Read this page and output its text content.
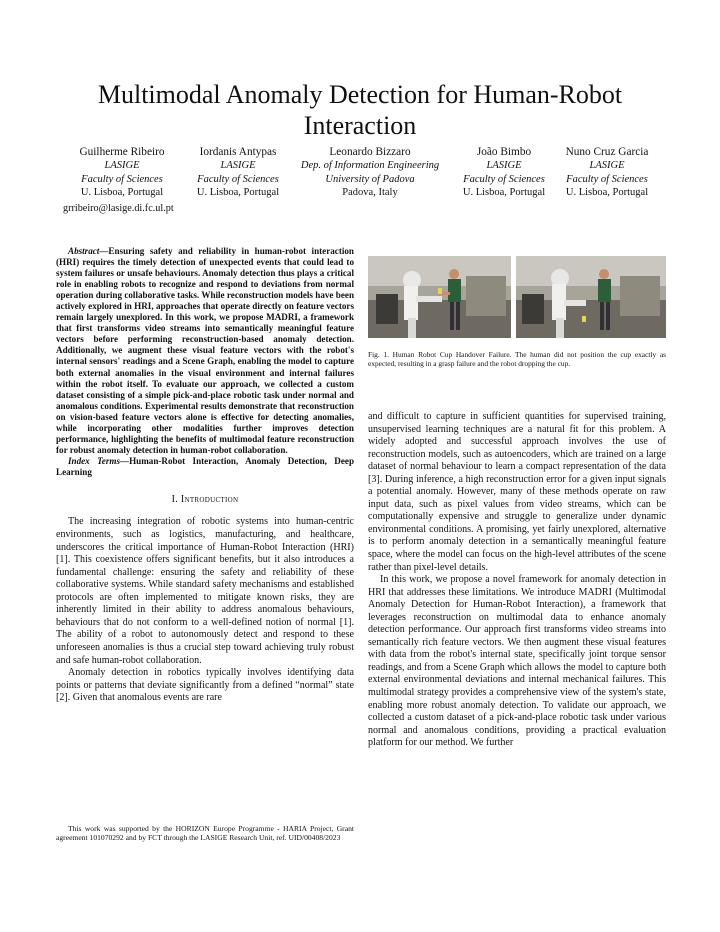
Multimodal Anomaly Detection for Human-Robot Interaction
Guilherme Ribeiro
LASIGE
Faculty of Sciences
U. Lisboa, Portugal
Iordanis Antypas
LASIGE
Faculty of Sciences
U. Lisboa, Portugal
Leonardo Bizzaro
Dep. of Information Engineering
University of Padova
Padova, Italy
João Bimbo
LASIGE
Faculty of Sciences
U. Lisboa, Portugal
Nuno Cruz Garcia
LASIGE
Faculty of Sciences
U. Lisboa, Portugal
grribeiro@lasige.di.fc.ul.pt

Abstract—Ensuring safety and reliability in human-robot interaction (HRI) requires the timely detection of unexpected events that could lead to system failures or unsafe behaviours. Anomaly detection thus plays a critical role in enabling robots to recognize and respond to deviations from normal operation during collaborative tasks. While reconstruction models have been actively explored in HRI, approaches that operate directly on feature vectors remain largely unexplored. In this work, we propose MADRI, a framework that first transforms video streams into semantically meaningful feature vectors before performing reconstruction-based anomaly detection. Additionally, we augment these visual feature vectors with the robot's internal sensors' readings and a Scene Graph, enabling the model to capture both external anomalies in the visual environment and internal failures within the robot itself. To evaluate our approach, we collected a custom dataset consisting of a simple pick-and-place robotic task under normal and anomalous conditions. Experimental results demonstrate that reconstruction on vision-based feature vectors alone is effective for detecting anomalies, while incorporating other modalities further improves detection performance, highlighting the benefits of multimodal feature reconstruction for robust anomaly detection in human-robot collaboration.

Index Terms—Human-Robot Interaction, Anomaly Detection, Deep Learning

I. Introduction

The increasing integration of robotic systems into human-centric environments, such as logistics, manufacturing, and healthcare, underscores the critical importance of Human-Robot Interaction (HRI) [1]. This coexistence offers significant benefits, but it also introduces a fundamental challenge: ensuring the safety and reliability of these collaborative systems. While standard safety mechanisms and established protocols are often implemented to mitigate known risks, they are inherently limited in their ability to address anomalous behaviours, behaviours that do not conform to a well-defined notion of normal [1]. The ability of a robot to autonomously detect and respond to these unforeseen anomalies is thus a crucial step toward achieving truly robust and safe human-robot collaboration.

Anomaly detection in robotics typically involves identifying data points or patterns that deviate significantly from a defined “normal” state [2]. Given that anomalous events are rare

This work was supported by the HORIZON Europe Programme - HARIA Project, Grant agreement 101070292 and by FCT through the LASIGE Research Unit, ref. UID/00408/2023
Fig. 1. Human Robot Cup Handover Failure. The human did not position the cup exactly as expected, resulting in a grasp failure and the robot dropping the cup.

and difficult to capture in sufficient quantities for supervised training, unsupervised learning techniques are a natural fit for this problem. A widely adopted and successful approach involves the use of reconstruction models, such as autoencoders, which are trained on a large dataset of normal behaviour to learn a compact representation of the data [3]. During inference, a high reconstruction error for a given input signals a potential anomaly. However, many of these methods operate on raw input data, such as pixel values from video streams, which can be computationally expensive and struggle to generalize under dynamic environmental conditions. A promising, yet fairly unexplored, alternative is to perform anomaly detection in a semantically meaningful feature space, where the model can focus on the high-level attributes of the scene rather than pixel-level details.

In this work, we propose a novel framework for anomaly detection in HRI that addresses these limitations. We introduce MADRI (Multimodal Anomaly Detection for Human-Robot Interaction), a framework that leverages reconstruction on multimodal data to enhance anomaly detection performance. Our approach first transforms video streams into semantically rich feature vectors. We then augment these visual features with data from the robot's internal state, specifically joint torque sensor readings, and from a Scene Graph which allows the model to capture both external environmental deviations and internal mechanical failures. This multimodal strategy provides a comprehensive view of the system's state, enabling more robust anomaly detection. To validate our approach, we collected a custom dataset of a pick-and-place robotic task under various normal and anomalous conditions, providing a practical evaluation platform for our method. We further
